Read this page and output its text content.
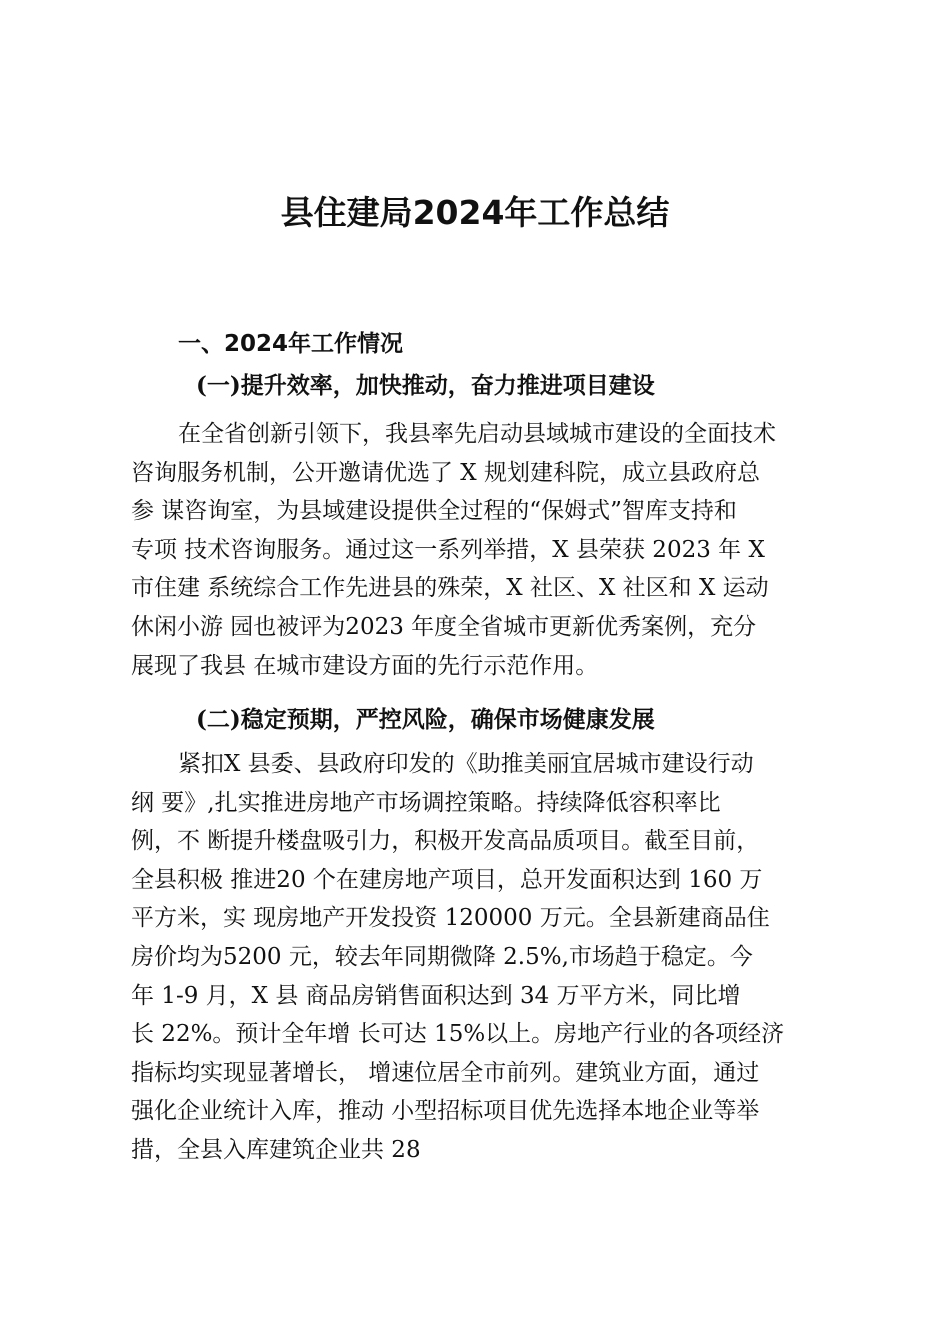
县住建局2024年工作总结
一、2024年工作情况
(一)提升效率，加快推动，奋力推进项目建设
在全省创新引领下，我县率先启动县域城市建设的全面技术
咨询服务机制，公开邀请优选了 X 规划建科院，成立县政府总
参 谋咨询室，为县域建设提供全过程的“保姆式”智库支持和
专项 技术咨询服务。通过这一系列举措，X 县荣获 2023 年 X
市住建 系统综合工作先进县的殊荣，X 社区、X 社区和 X 运动
休闲小游 园也被评为2023 年度全省城市更新优秀案例，充分
展现了我县 在城市建设方面的先行示范作用。
(二)稳定预期，严控风险，确保市场健康发展
紧扣X 县委、县政府印发的《助推美丽宜居城市建设行动
纲 要》,扎实推进房地产市场调控策略。持续降低容积率比
例，不 断提升楼盘吸引力，积极开发高品质项目。截至目前，
全县积极 推进20 个在建房地产项目，总开发面积达到 160 万
平方米，实 现房地产开发投资 120000 万元。全县新建商品住
房价均为5200 元，较去年同期微降 2.5%,市场趋于稳定。今
年 1-9 月，X 县 商品房销售面积达到 34 万平方米，同比增
长 22%。预计全年增 长可达 15%以上。房地产行业的各项经济
指标均实现显著增长， 增速位居全市前列。建筑业方面，通过
强化企业统计入库，推动 小型招标项目优先选择本地企业等举
措，全县入库建筑企业共 28
